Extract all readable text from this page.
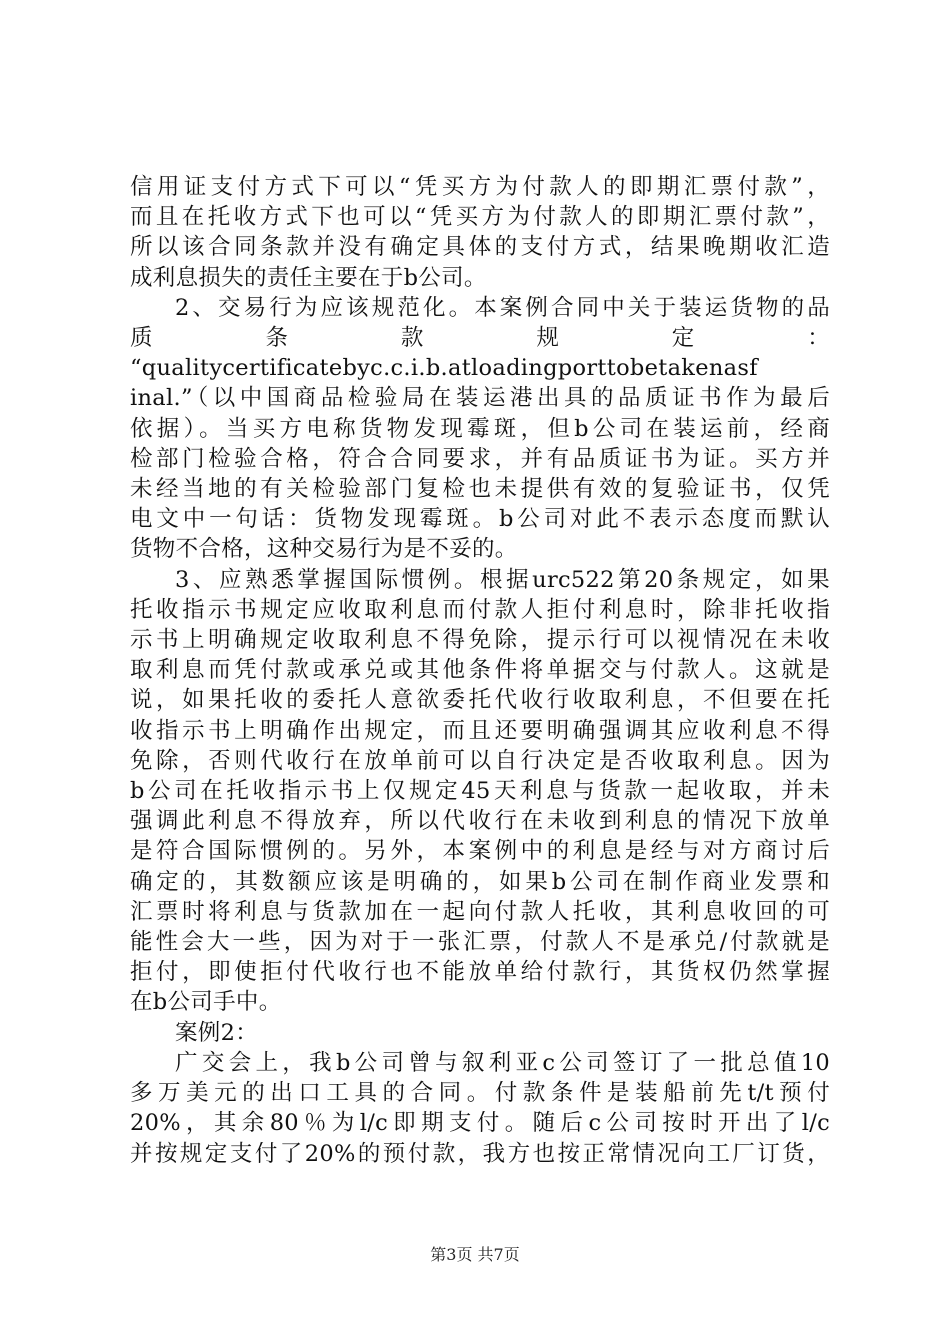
信用证支付方式下可以“凭买方为付款人的即期汇票付款”，
而且在托收方式下也可以“凭买方为付款人的即期汇票付款”，
所以该合同条款并没有确定具体的支付方式，结果晚期收汇造
成利息损失的责任主要在于b公司。
2、交易行为应该规范化。本案例合同中关于装运货物的品
质　　　条　　　款　　　规　　　定　　　：
“qualitycertificatebyc.c.i.b.atloadingporttobetakenasf
inal.”（以中国商品检验局在装运港出具的品质证书作为最后
依据）。当买方电称货物发现霉斑，但b公司在装运前，经商
检部门检验合格，符合合同要求，并有品质证书为证。买方并
未经当地的有关检验部门复检也未提供有效的复验证书，仅凭
电文中一句话：货物发现霉斑。b公司对此不表示态度而默认
货物不合格，这种交易行为是不妥的。
3、应熟悉掌握国际惯例。根据urc522第20条规定，如果
托收指示书规定应收取利息而付款人拒付利息时，除非托收指
示书上明确规定收取利息不得免除，提示行可以视情况在未收
取利息而凭付款或承兑或其他条件将单据交与付款人。这就是
说，如果托收的委托人意欲委托代收行收取利息，不但要在托
收指示书上明确作出规定，而且还要明确强调其应收利息不得
免除，否则代收行在放单前可以自行决定是否收取利息。因为
b公司在托收指示书上仅规定45天利息与货款一起收取，并未
强调此利息不得放弃，所以代收行在未收到利息的情况下放单
是符合国际惯例的。另外，本案例中的利息是经与对方商讨后
确定的，其数额应该是明确的，如果b公司在制作商业发票和
汇票时将利息与货款加在一起向付款人托收，其利息收回的可
能性会大一些，因为对于一张汇票，付款人不是承兑/付款就是
拒付，即使拒付代收行也不能放单给付款行，其货权仍然掌握
在b公司手中。
案例2：
广交会上，我b公司曾与叙利亚c公司签订了一批总值10
多万美元的出口工具的合同。付款条件是装船前先t/t预付
20%，其余80％为l/c即期支付。随后c公司按时开出了l/c
并按规定支付了20%的预付款，我方也按正常情况向工厂订货，
第3页 共7页
